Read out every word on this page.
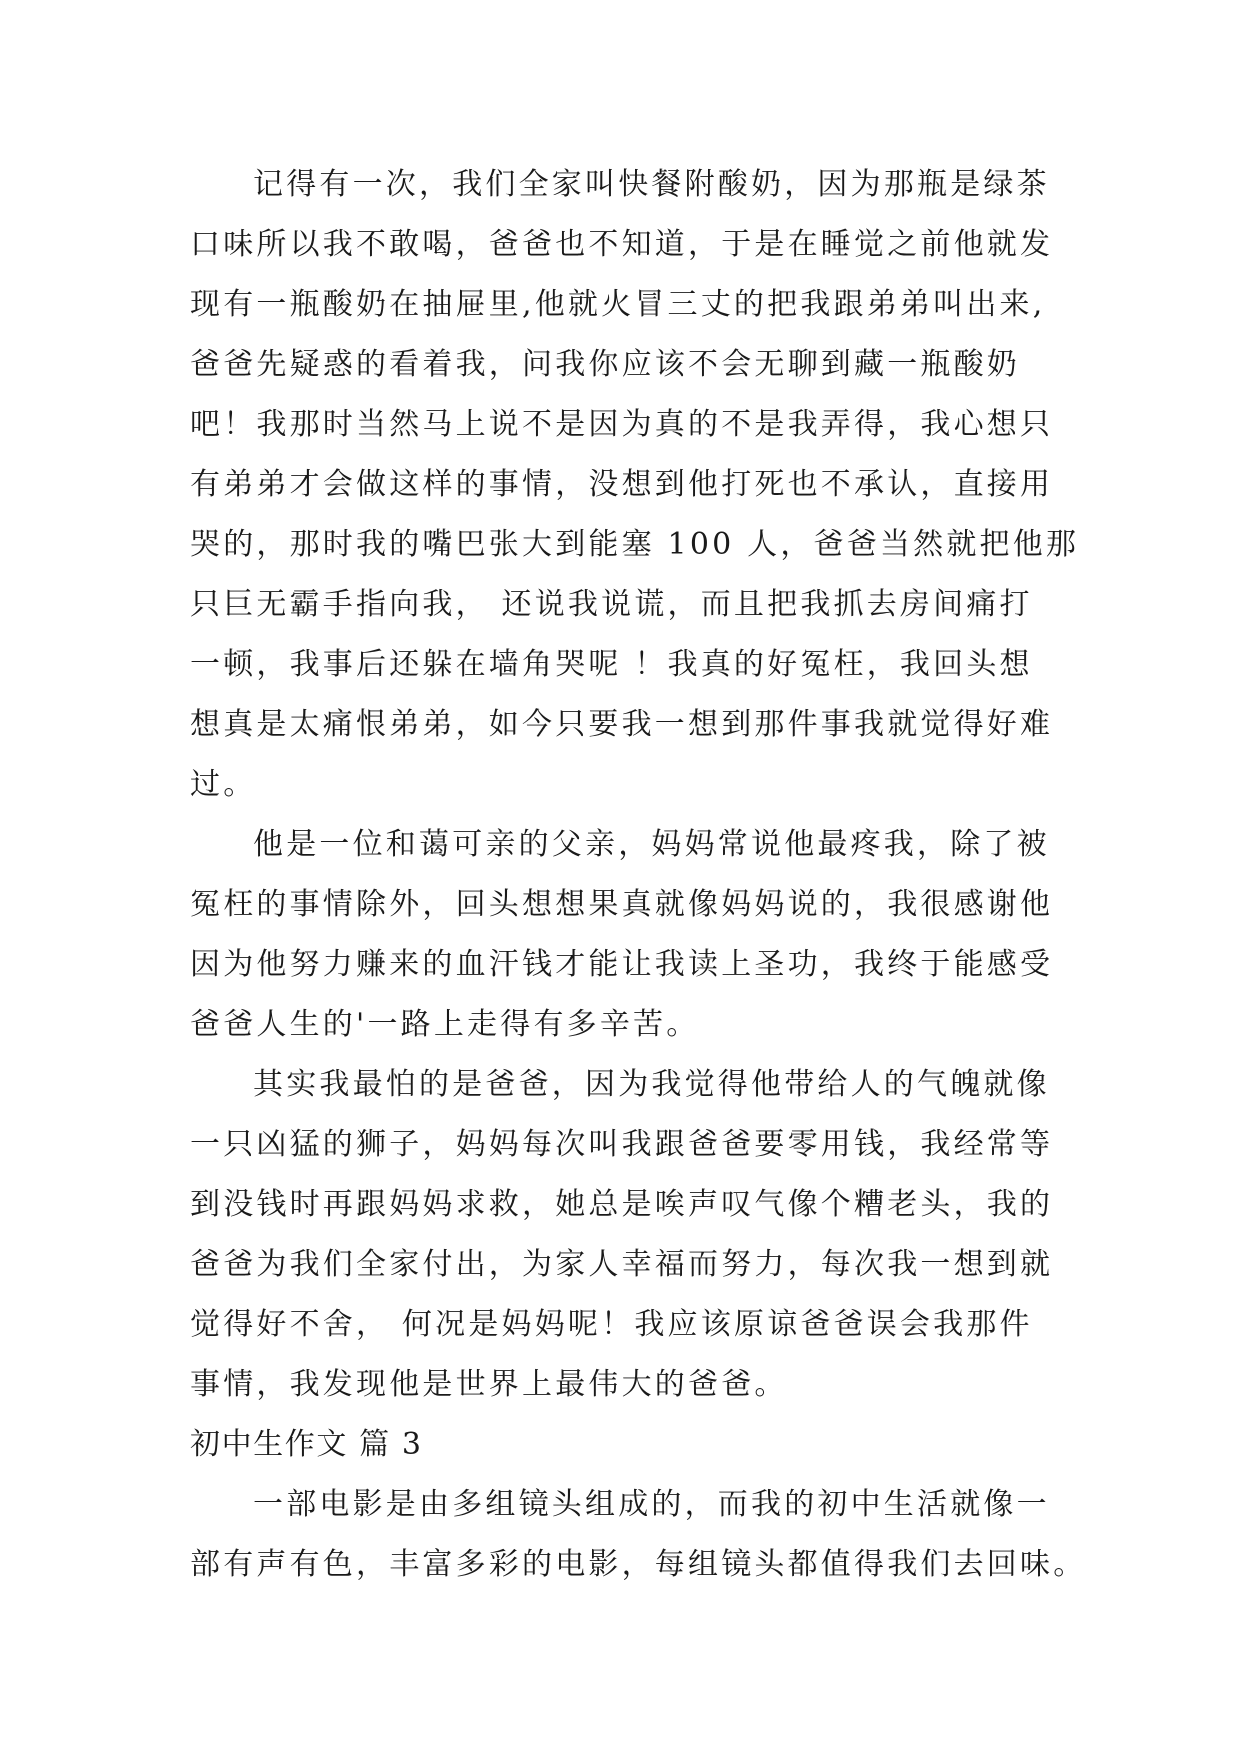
记得有一次，我们全家叫快餐附酸奶，因为那瓶是绿茶

口味所以我不敢喝，爸爸也不知道，于是在睡觉之前他就发

现有一瓶酸奶在抽屉里,他就火冒三丈的把我跟弟弟叫出来,

爸爸先疑惑的看着我，问我你应该不会无聊到藏一瓶酸奶

吧！我那时当然马上说不是因为真的不是我弄得，我心想只

有弟弟才会做这样的事情，没想到他打死也不承认，直接用

哭的，那时我的嘴巴张大到能塞 100 人，爸爸当然就把他那

只巨无霸手指向我， 还说我说谎，而且把我抓去房间痛打

一顿，我事后还躲在墙角哭呢 ！我真的好冤枉，我回头想

想真是太痛恨弟弟，如今只要我一想到那件事我就觉得好难

过。

他是一位和蔼可亲的父亲，妈妈常说他最疼我，除了被

冤枉的事情除外，回头想想果真就像妈妈说的，我很感谢他

因为他努力赚来的血汗钱才能让我读上圣功，我终于能感受

爸爸人生的'一路上走得有多辛苦。

其实我最怕的是爸爸，因为我觉得他带给人的气魄就像

一只凶猛的狮子，妈妈每次叫我跟爸爸要零用钱，我经常等

到没钱时再跟妈妈求救，她总是唉声叹气像个糟老头，我的

爸爸为我们全家付出，为家人幸福而努力，每次我一想到就

觉得好不舍， 何况是妈妈呢！我应该原谅爸爸误会我那件

事情，我发现他是世界上最伟大的爸爸。

初中生作文 篇 3

一部电影是由多组镜头组成的，而我的初中生活就像一

部有声有色，丰富多彩的电影，每组镜头都值得我们去回味。
